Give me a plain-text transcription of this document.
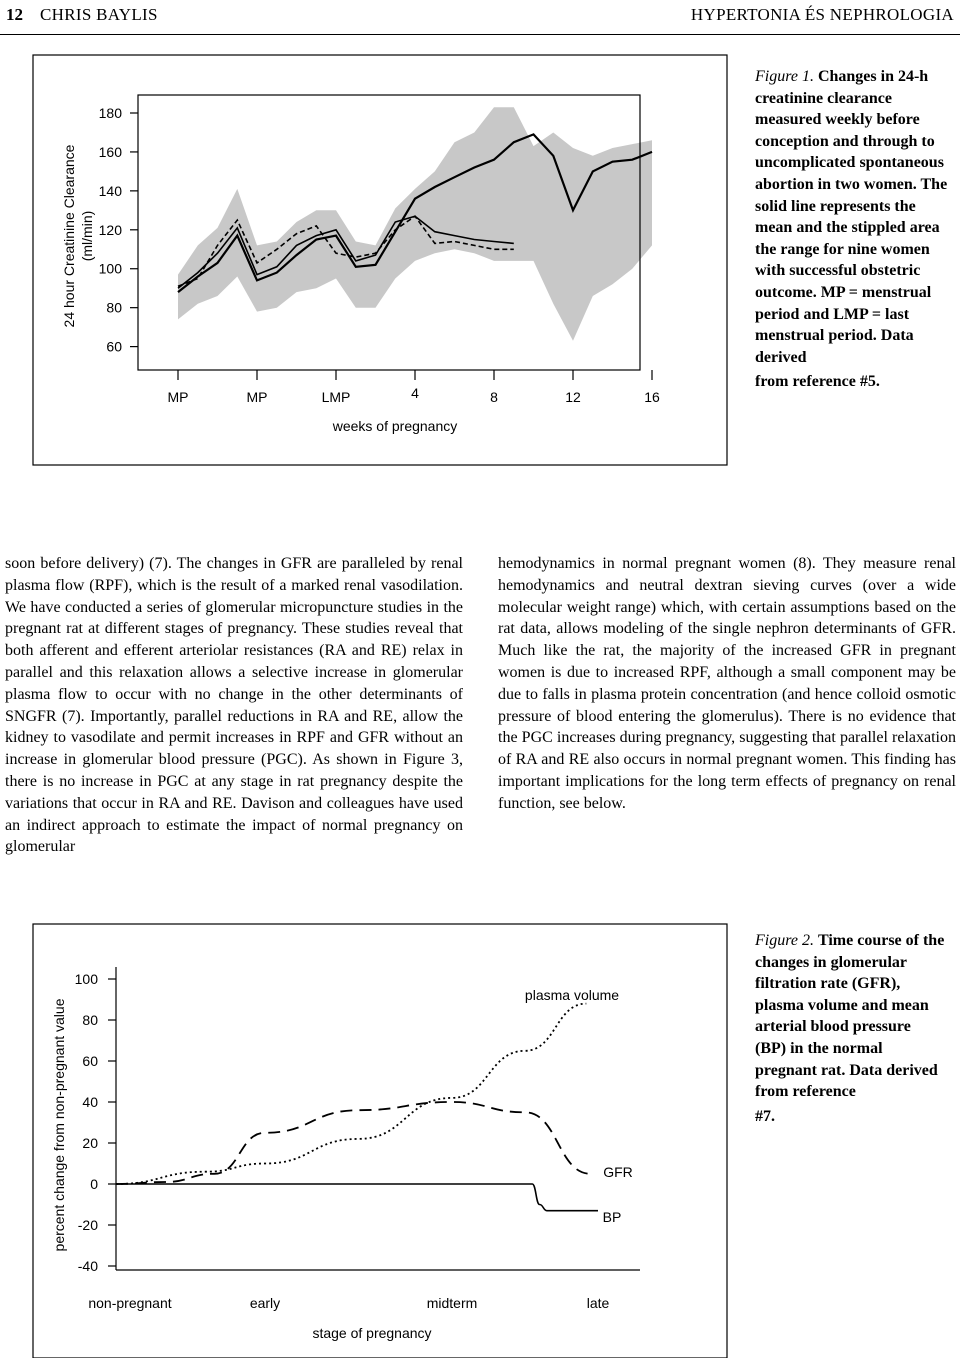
12 CHRIS BAYLIS	HYPERTONIA ÉS NEPHROLOGIA
180
160
140
120
100
80
60
MP	MP	LMP	4	8	12	16
weeks of pregnancy
24 hour Creatinine Clearance (ml/min)
100
80
60
40
20
0
-20
-40
non-pregnant	early	midterm	late
plasma volume
GFR
BP
stage of pregnancy
percent change from non-pregnant value
Figure 1. Changes in 24-h creatinine clearance measured weekly before conception and through to uncomplicated spontaneous abortion in two women. The solid line represents the mean and the stippled area the range for nine women with successful obstetric outcome. MP = menstrual period and LMP = last menstrual period. Data derived
from reference #5.
Figure 2. Time course of the changes in glomerular filtration rate (GFR), plasma volume and mean arterial blood pressure (BP) in the normal pregnant rat. Data derived from reference
#7.

soon before delivery) (7). The changes in GFR are paralleled by renal plasma flow (RPF), which is the result of a marked renal vasodilation. We have conducted a series of glomerular micropuncture studies in the pregnant rat at different stages of pregnancy. These studies reveal that both afferent and efferent arteriolar resistances (RA and RE) relax in parallel and this relaxation allows a selective increase in glomerular plasma flow to occur with no change in the other determinants of SNGFR (7). Importantly, parallel reductions in RA and RE, allow the kidney to vasodilate and permit increases in RPF and GFR without an increase in glomerular blood pressure (PGC). As shown in Figure 3, there is no increase in PGC at any stage in rat pregnancy despite the variations that occur in RA and RE. Davison and colleagues have used an indirect approach to estimate the impact of normal pregnancy on glomerular

hemodynamics in normal pregnant women (8). They measure renal hemodynamics and neutral dextran sieving curves (over a wide molecular weight range) which, with certain assumptions based on the rat data, allows modeling of the single nephron determinants of GFR. Much like the rat, the majority of the increased GFR in pregnant women is due to increased RPF, although a small component may be due to falls in plasma protein concentration (and hence colloid osmotic pressure of blood entering the glomerulus). There is no evidence that the PGC increases during pregnancy, suggesting that parallel relaxation of RA and RE also occurs in normal pregnant women. This finding has important implications for the long term effects of pregnancy on renal function, see below.
